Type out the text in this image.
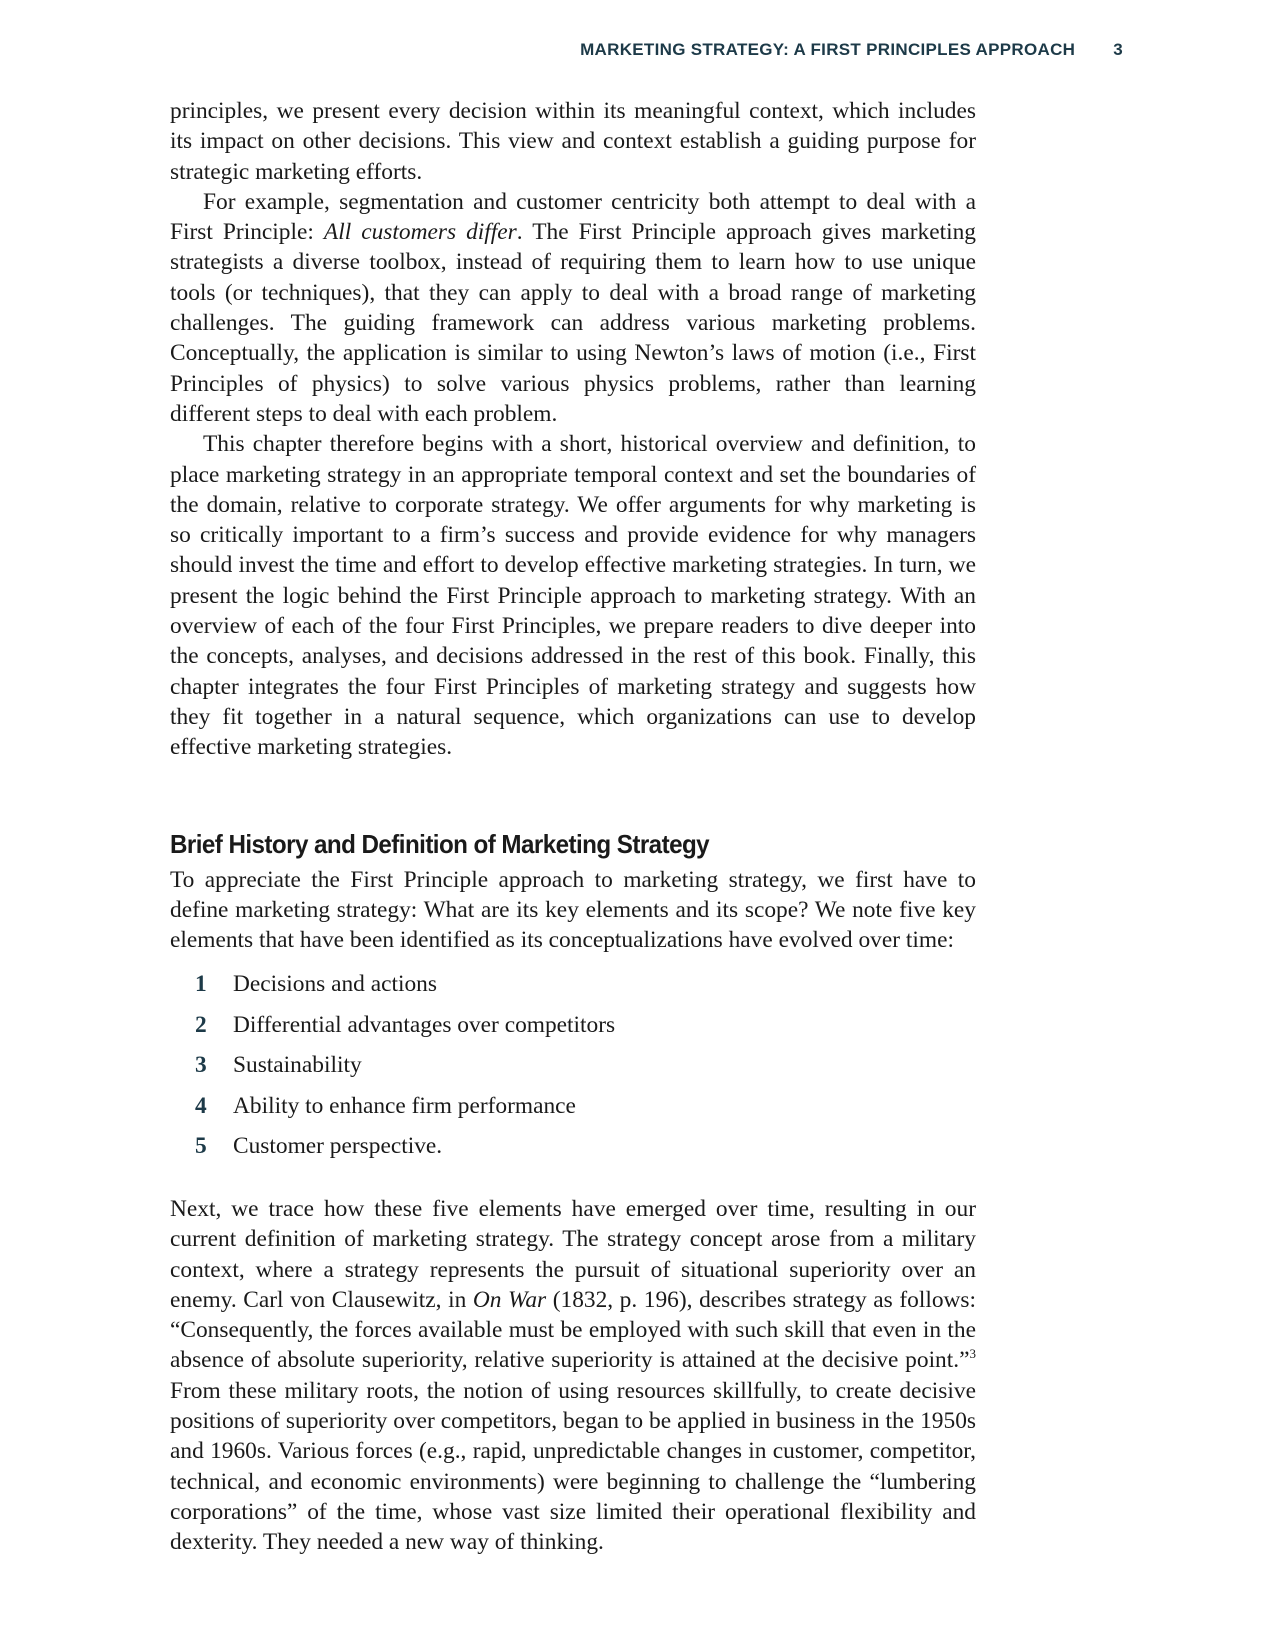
MARKETING STRATEGY: A FIRST PRINCIPLES APPROACH 3

principles, we present every decision within its meaningful context, which includes its impact on other decisions. This view and context establish a guiding purpose for strategic marketing efforts.

For example, segmentation and customer centricity both attempt to deal with a First Principle: All customers differ. The First Principle approach gives marketing strategists a diverse toolbox, instead of requiring them to learn how to use unique tools (or techniques), that they can apply to deal with a broad range of marketing challenges. The guiding framework can address various marketing problems. Conceptually, the application is similar to using Newton’s laws of motion (i.e., First Principles of physics) to solve various physics problems, rather than learning different steps to deal with each problem.

This chapter therefore begins with a short, historical overview and definition, to place marketing strategy in an appropriate temporal context and set the boundaries of the domain, relative to corporate strategy. We offer arguments for why marketing is so critically important to a firm’s success and provide evidence for why managers should invest the time and effort to develop effective marketing strategies. In turn, we present the logic behind the First Principle approach to marketing strategy. With an overview of each of the four First Principles, we prepare readers to dive deeper into the concepts, analyses, and decisions addressed in the rest of this book. Finally, this chapter integrates the four First Principles of marketing strategy and suggests how they fit together in a natural sequence, which organizations can use to develop effective marketing strategies.

Brief History and Definition of Marketing Strategy

To appreciate the First Principle approach to marketing strategy, we first have to define marketing strategy: What are its key elements and its scope? We note five key elements that have been identified as its conceptualizations have evolved over time:

1	Decisions and actions
2	Differential advantages over competitors
3	Sustainability
4	Ability to enhance firm performance
5	Customer perspective.

Next, we trace how these five elements have emerged over time, resulting in our current definition of marketing strategy. The strategy concept arose from a military context, where a strategy represents the pursuit of situational superiority over an enemy. Carl von Clausewitz, in On War (1832, p. 196), describes strategy as follows: “Consequently, the forces available must be employed with such skill that even in the absence of absolute superiority, relative superiority is attained at the decisive point.”$^3$ From these military roots, the notion of using resources skillfully, to create decisive positions of superiority over competitors, began to be applied in business in the 1950s and 1960s. Various forces (e.g., rapid, unpredictable changes in customer, competitor, technical, and economic environments) were beginning to challenge the “lumbering corporations” of the time, whose vast size limited their operational flexibility and dexterity. They needed a new way of thinking.
